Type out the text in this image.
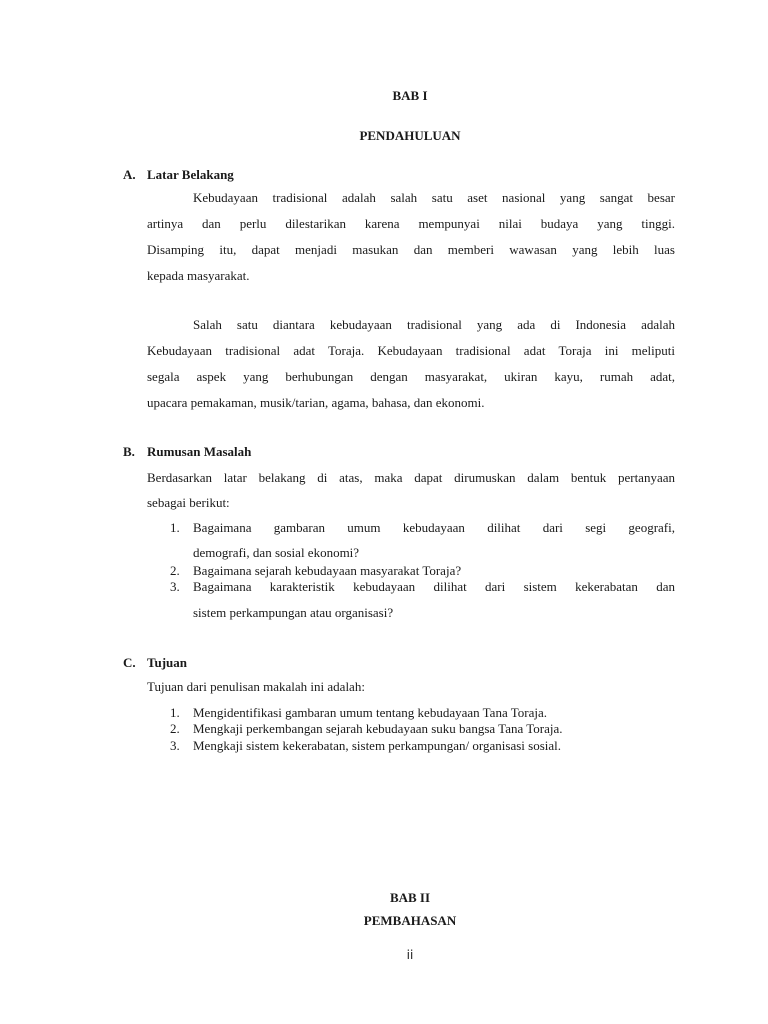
BAB I
PENDAHULUAN
A. Latar Belakang
Kebudayaan tradisional adalah salah satu aset nasional yang sangat besar
artinya dan perlu dilestarikan karena mempunyai nilai budaya yang tinggi.
Disamping itu, dapat menjadi masukan dan memberi wawasan yang lebih luas
kepada masyarakat.
Salah satu diantara kebudayaan tradisional yang ada di Indonesia adalah
Kebudayaan tradisional adat Toraja. Kebudayaan tradisional adat Toraja ini meliputi
segala aspek yang berhubungan dengan masyarakat, ukiran kayu, rumah adat,
upacara pemakaman, musik/tarian, agama, bahasa, dan ekonomi.
B. Rumusan Masalah
Berdasarkan latar belakang di atas, maka dapat dirumuskan dalam bentuk pertanyaan
sebagai berikut:
1. Bagaimana gambaran umum kebudayaan dilihat dari segi geografi,
demografi, dan sosial ekonomi?
2. Bagaimana sejarah kebudayaan masyarakat Toraja?
3. Bagaimana karakteristik kebudayaan dilihat dari sistem kekerabatan dan
sistem perkampungan atau organisasi?
C. Tujuan
Tujuan dari penulisan makalah ini adalah:
1. Mengidentifikasi gambaran umum tentang kebudayaan Tana Toraja.
2. Mengkaji perkembangan sejarah kebudayaan suku bangsa Tana Toraja.
3. Mengkaji sistem kekerabatan, sistem perkampungan/ organisasi sosial.
BAB II
PEMBAHASAN
ii
